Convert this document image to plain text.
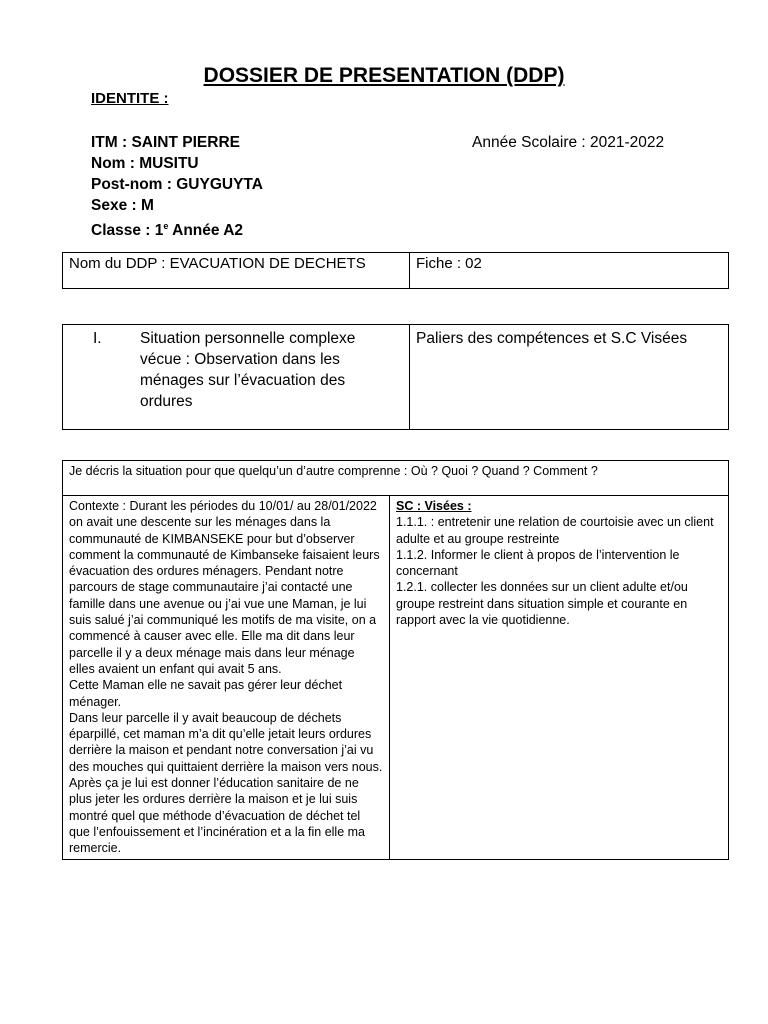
DOSSIER DE PRESENTATION (DDP)
IDENTITE :
ITM : SAINT PIERRE	Année Scolaire : 2021-2022
Nom : MUSITU
Post-nom : GUYGUYTA
Sexe : M
Classe : 1e Année A2
Nom du DDP : EVACUATION DE DECHETS	Fiche : 02
I. Situation personnelle complexe vécue : Observation dans les ménages sur l’évacuation des ordures	Paliers des compétences et S.C Visées
Je décris la situation pour que quelqu’un d’autre comprenne : Où ? Quoi ? Quand ? Comment ?

Contexte : Durant les périodes du 10/01/ au 28/01/2022 on avait une descente sur les ménages dans la communauté de KIMBANSEKE pour but d’observer comment la communauté de Kimbanseke faisaient leurs évacuation des ordures ménagers. Pendant notre parcours de stage communautaire j’ai contacté une famille dans une avenue ou j’ai vue une Maman, je lui suis salué j’ai communiqué les motifs de ma visite, on a commencé à causer avec elle. Elle ma dit dans leur parcelle il y a deux ménage mais dans leur ménage elles avaient un enfant qui avait 5 ans.
Cette Maman elle ne savait pas gérer leur déchet ménager.
Dans leur parcelle il y avait beaucoup de déchets éparpillé, cet maman m’a dit qu’elle jetait leurs ordures derrière la maison et pendant notre conversation j’ai vu des mouches qui quittaient derrière la maison vers nous. Après ça je lui est donner l’éducation sanitaire de ne plus jeter les ordures derrière la maison et je lui suis montré quel que méthode d’évacuation de déchet tel que l’enfouissement et l’incinération et a la fin elle ma remercie.

SC : Visées :
1.1.1. : entretenir une relation de courtoisie avec un client adulte et au groupe restreinte
1.1.2. Informer le client à propos de l’intervention le concernant
1.2.1. collecter les données sur un client adulte et/ou groupe restreint dans situation simple et courante en rapport avec la vie quotidienne.
